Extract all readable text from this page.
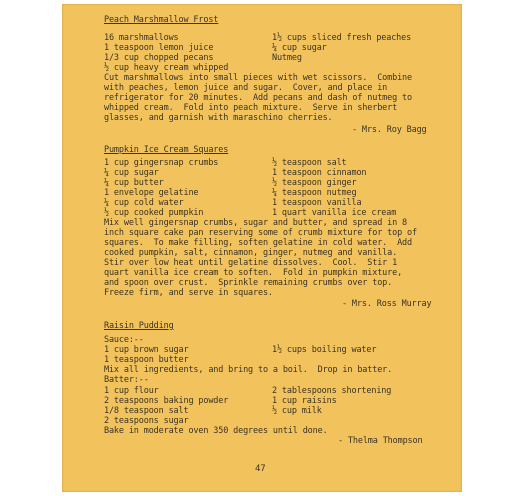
Peach Marshmallow Frost
16 marshmallows
1 teaspoon lemon juice
1/3 cup chopped pecans
½ cup heavy cream whipped
1½ cups sliced fresh peaches
¼ cup sugar
Nutmeg
Cut marshmallows into small pieces with wet scissors.  Combine
with peaches, lemon juice and sugar.  Cover, and place in
refrigerator for 20 minutes.  Add pecans and dash of nutmeg to
whipped cream.  Fold into peach mixture.  Serve in sherbert
glasses, and garnish with maraschino cherries.
- Mrs. Roy Bagg
Pumpkin Ice Cream Squares
1 cup gingersnap crumbs
¼ cup sugar
¼ cup butter
1 envelope gelatine
¼ cup cold water
½ cup cooked pumpkin
½ teaspoon salt
1 teaspoon cinnamon
½ teaspoon ginger
¼ teaspoon nutmeg
1 teaspoon vanilla
1 quart vanilla ice cream
Mix well gingersnap crumbs, sugar and butter, and spread in 8
inch square cake pan reserving some of crumb mixture for top of
squares.  To make filling, soften gelatine in cold water.  Add
cooked pumpkin, salt, cinnamon, ginger, nutmeg and vanilla.
Stir over low heat until gelatine dissolves.  Cool.  Stir 1
quart vanilla ice cream to soften.  Fold in pumpkin mixture,
and spoon over crust.  Sprinkle remaining crumbs over top.
Freeze firm, and serve in squares.
- Mrs. Ross Murray
Raisin Pudding
Sauce:--
1 cup brown sugar
1 teaspoon butter
1½ cups boiling water
Mix all ingredients, and bring to a boil.  Drop in batter.
Batter:--
1 cup flour
2 teaspoons baking powder
1/8 teaspoon salt
2 teaspoons sugar
2 tablespoons shortening
1 cup raisins
½ cup milk
Bake in moderate oven 350 degrees until done.
- Thelma Thompson
47
